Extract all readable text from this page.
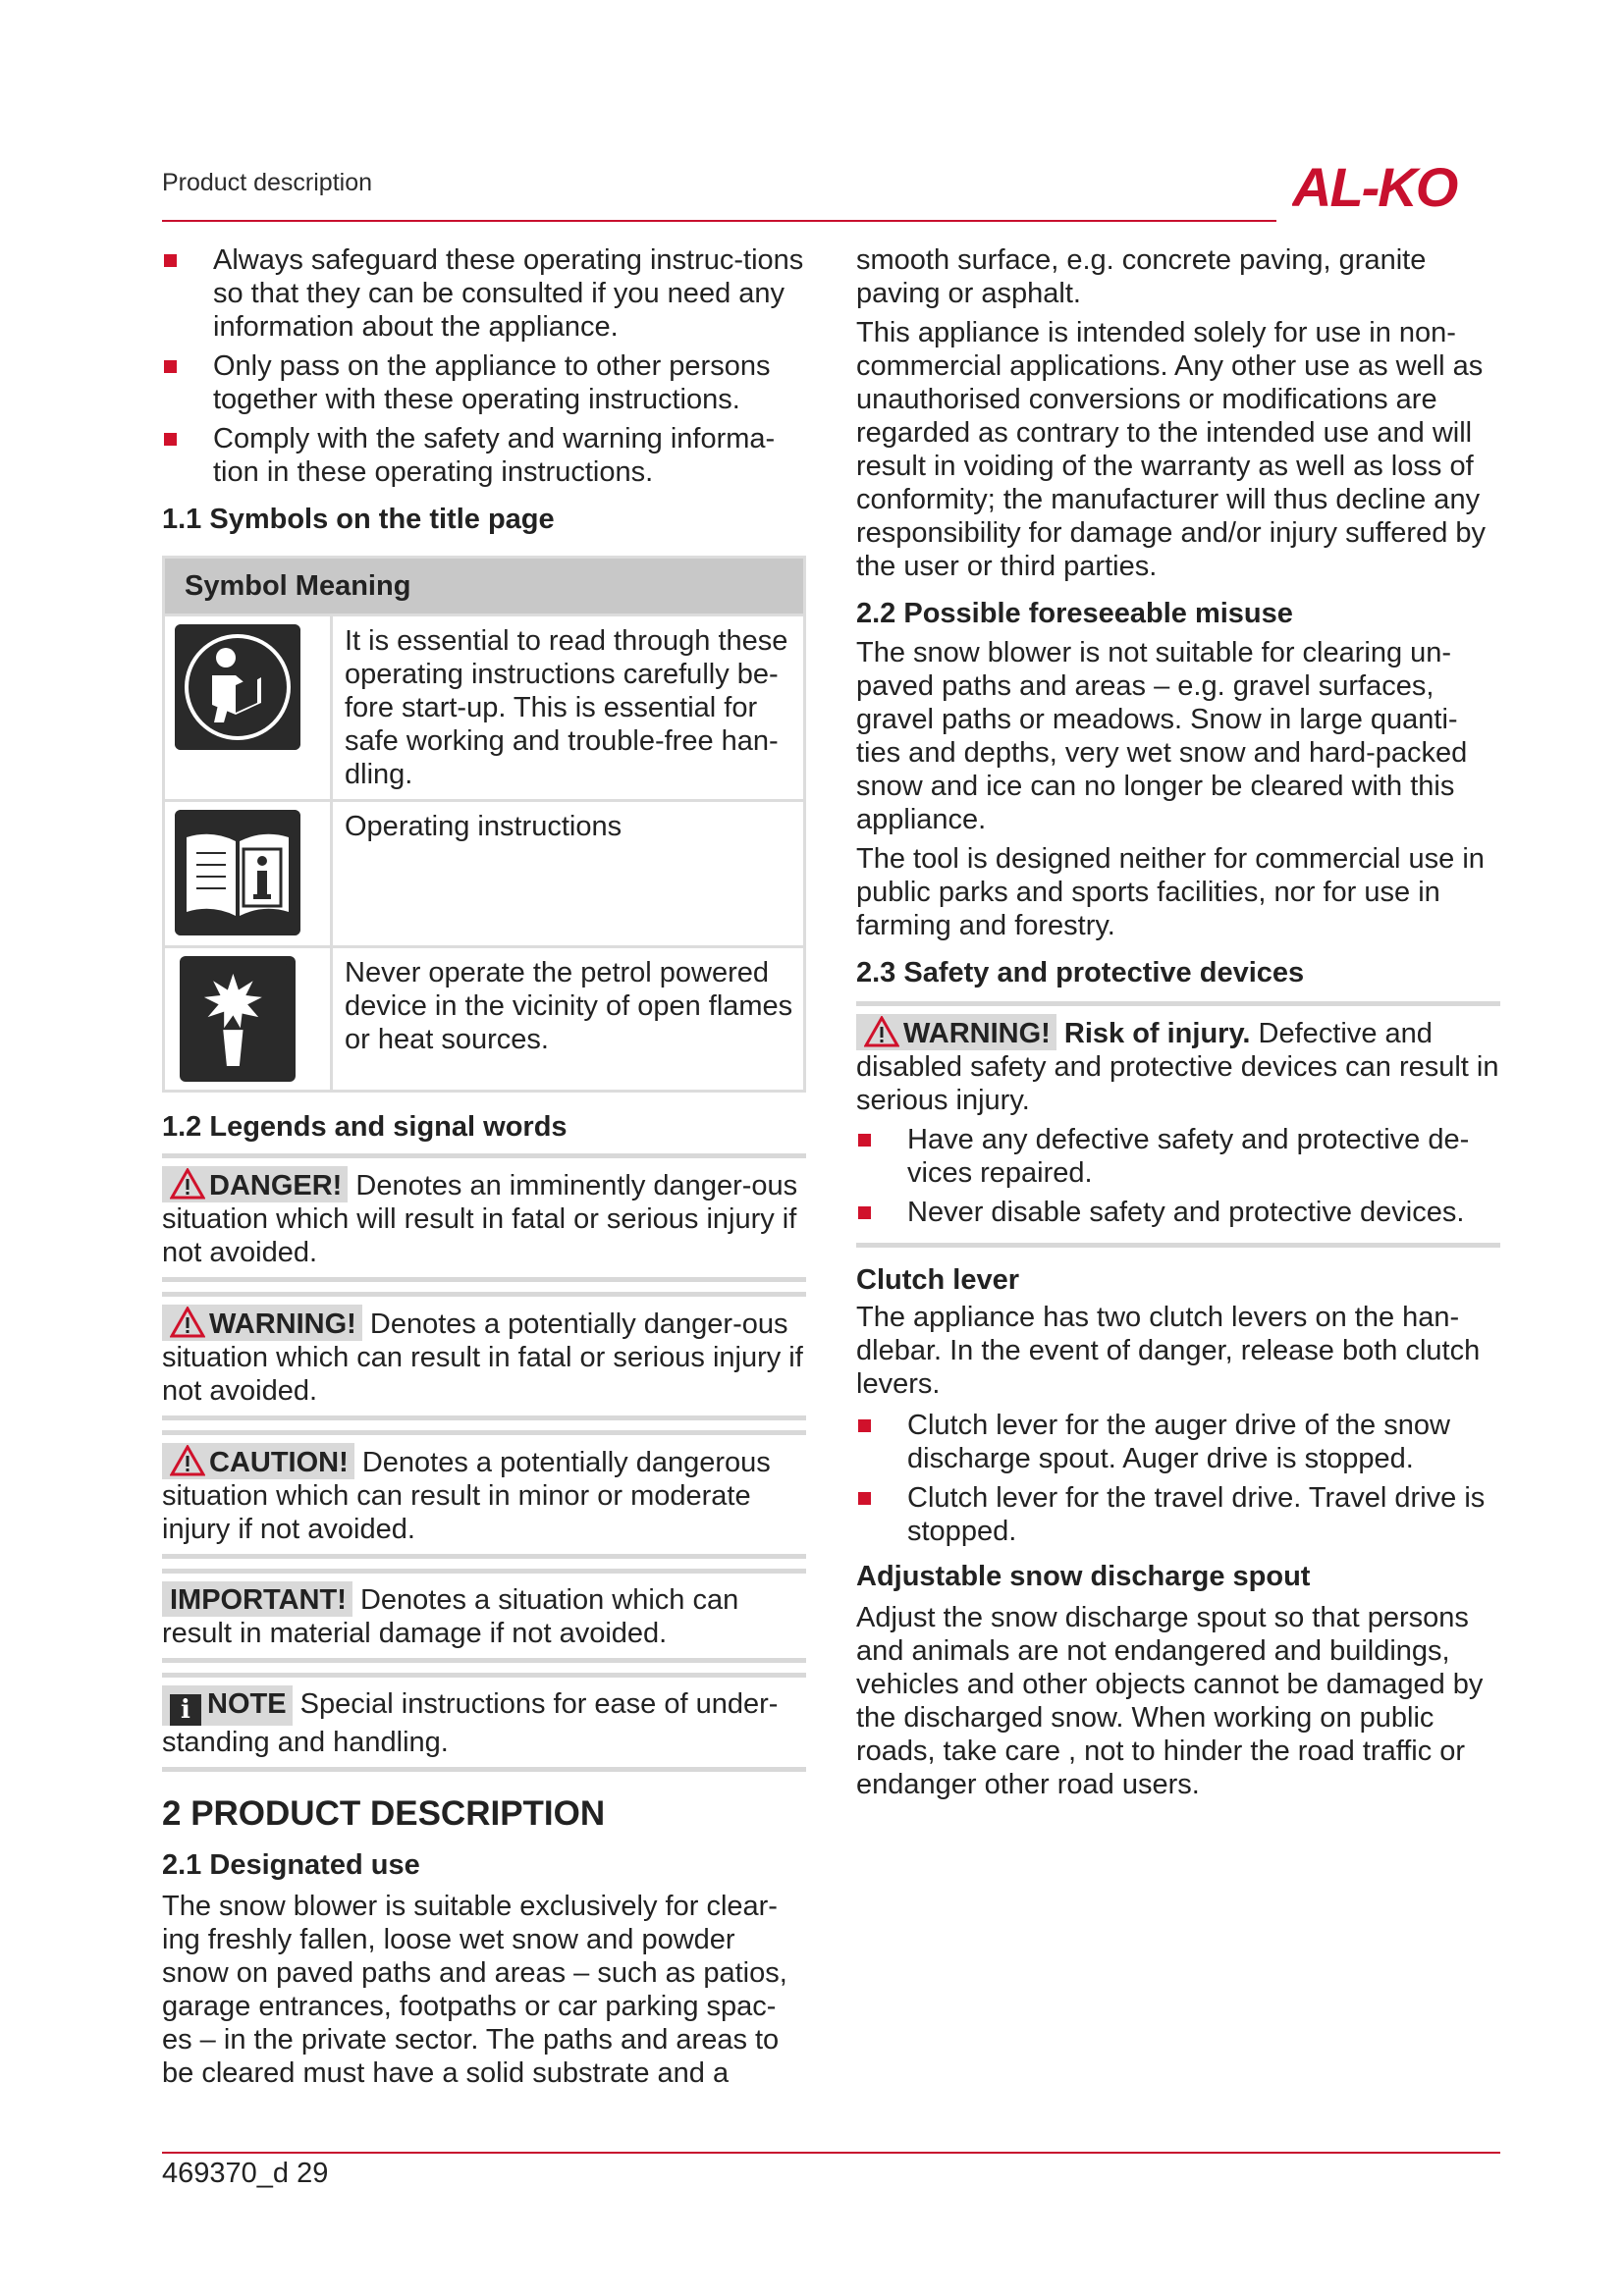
Product description	AL-KO
Always safeguard these operating instruc-tions so that they can be consulted if you need any information about the appliance.
Only pass on the appliance to other persons together with these operating instructions.
Comply with the safety and warning informa-tion in these operating instructions.
1.1 Symbols on the title page
Symbol Meaning	

	It is essential to read through these operating instructions carefully be-fore start-up. This is essential for safe working and trouble-free han-dling.

	Operating instructions

	Never operate the petrol powered device in the vicinity of open flames or heat sources.
1.2 Legends and signal words

DANGER! Denotes an imminently danger-ous situation which will result in fatal or serious injury if not avoided.

WARNING! Denotes a potentially danger-ous situation which can result in fatal or serious injury if not avoided.

CAUTION! Denotes a potentially dangerous situation which can result in minor or moderate injury if not avoided.

IMPORTANT! Denotes a situation which can result in material damage if not avoided.

i NOTE Special instructions for ease of under-standing and handling.

2 PRODUCT DESCRIPTION
2.1 Designated use

The snow blower is suitable exclusively for clear-ing freshly fallen, loose wet snow and powder snow on paved paths and areas – such as patios, garage entrances, footpaths or car parking spac-es – in the private sector. The paths and areas to be cleared must have a solid substrate and a

smooth surface, e.g. concrete paving, granite paving or asphalt.

This appliance is intended solely for use in non-commercial applications. Any other use as well as unauthorised conversions or modifications are regarded as contrary to the intended use and will result in voiding of the warranty as well as loss of conformity; the manufacturer will thus decline any responsibility for damage and/or injury suffered by the user or third parties.

2.2 Possible foreseeable misuse

The snow blower is not suitable for clearing un-paved paths and areas – e.g. gravel surfaces, gravel paths or meadows. Snow in large quanti-ties and depths, very wet snow and hard-packed snow and ice can no longer be cleared with this appliance.

The tool is designed neither for commercial use in public parks and sports facilities, nor for use in farming and forestry.

2.3 Safety and protective devices

WARNING! Risk of injury. Defective and disabled safety and protective devices can result in serious injury.

Have any defective safety and protective de-vices repaired.
Never disable safety and protective devices.
Clutch lever

The appliance has two clutch levers on the han-dlebar. In the event of danger, release both clutch levers.

Clutch lever for the auger drive of the snow discharge spout. Auger drive is stopped.
Clutch lever for the travel drive. Travel drive is stopped.
Adjustable snow discharge spout

Adjust the snow discharge spout so that persons and animals are not endangered and buildings, vehicles and other objects cannot be damaged by the discharged snow. When working on public roads, take care , not to hinder the road traffic or endanger other road users.

469370_d 29
